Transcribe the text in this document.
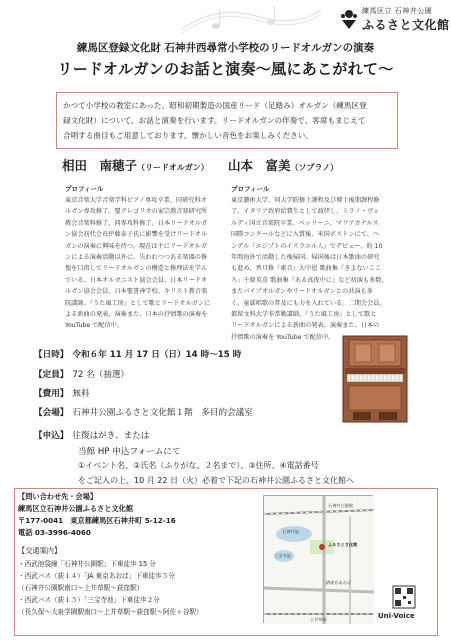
練馬区立 石神井公園
ふるさと文化館
練馬区登録文化財 石神井西尋常小学校のリードオルガンの演奏
リードオルガンのお話と演奏〜風にあこがれて〜
かつて小学校の教室にあった、昭和初期製造の国産リード（足踏み）オルガン（練馬区登
録文化財）について、お話と演奏を行います。リードオルガンの伴奏で、客席もまじえて
合唱する曲目もご用意しております。懐かしい音色をお楽しみください。
相田　南穂子（リードオルガン） 山本　富美（ソプラノ）
プロフィール	プロフィール
東京音楽大学音楽学科ピアノ専攻卒業、同研究科オ
ルガン専攻修了。聖グレゴリオの家宗教音楽研究所
教会音楽科修了、同専攻科修了。日本リードオルガ
ン協会初代会長伊藤泰子氏に影響を受けリードオル
ガンの演奏に興味を持つ。現在は主にリードオルガ
ンによる演奏活動以外に、失われつつある楽器の修
復を目指してリードオルガンの構造と修理法を学ん
でいる。日本オルガニスト協会会員、日本リードオ
ルガン協会会員、日本聖書神学校、キリスト教音楽
院講師。『うた風工房』として歌とリードオルガンに
よる新曲の発表、演奏また、日本の抒情歌の演奏を
YouTube で配信中。
東京藝術大学、同大学院修士課程及び博士後期課程修
了。イタリア政府給費生として渡伊し、ミラノ・ヴェ
ルディ国立音楽院卒業。ベッリーニ、マリアカナルス
国際コンクールなどに入賞後、米国ボストンにて、ヘ
ンデル『エジプトのイスラエル人』でデビュー。約 10
年間海外で活動した後帰国。帰国後は日本歌曲の研究
も進め、香月修『素音』大中恩 歌曲集『きよないここ
ろ』千原英喜 歌曲集『ある真夜中に』など初演も多数。
またパイプオルガンやリードオルガンとの共演も多
く、童謡唱歌の普及にも力を入れている。二期会会員。
都留文科大学非常勤講師。『うた風工房』として歌と
リードオルガンによる新曲の発表、演奏また、日本の
抒情歌の演奏を YouTube で配信中。
【日時】 令和６年 11 月 17 日（日）14 時〜15 時
【定員】 72 名（抽選）
【費用】 無料
【会場】 石神井公園ふるさと文化館１階　多目的会議室
【申込】 往復はがき、または
当館 HP 申込フォームにて
①イベント名、②氏名（ふりがな、２名まで）、③住所、④電話番号
をご記入の上、10 月 22 日（火）必着で下記の石神井公園ふるさと文化館へ
【問い合わせ先・会場】
練馬区立石神井公園ふるさと文化館
〒177-0041　東京都練馬区石神井町 5-12-16
電話 03-3996-4060
【交通案内】
・西武池袋線「石神井公園駅」下車徒歩 15 分
・西武バス（荻１４）「JA 東京あおば」下車徒歩５分
（石神井公園駅南口〜上井草駅〜荻窪駅）
・西武バス（荻１５）「三宝寺池」下車徒歩２分
（長久保〜大泉学園駅南口〜上井草駅〜荻窪駅〜阿佐ヶ谷駅）
石神井池
三宝寺池
ふるさと文化館
石神井公園駅
JA東京あおば
上井草駅	Uni-Voice
